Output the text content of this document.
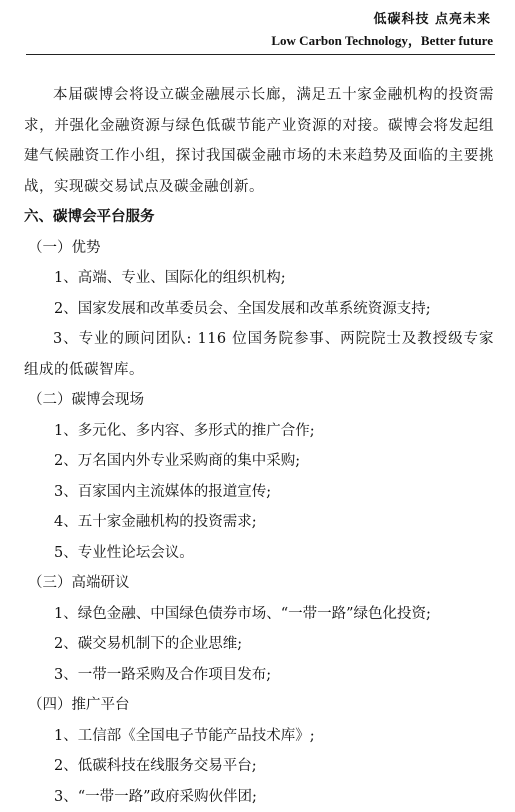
低碳科技 点亮未来
Low Carbon Technology，Better future

本届碳博会将设立碳金融展示长廊，满足五十家金融机构的投资需求，并强化金融资源与绿色低碳节能产业资源的对接。碳博会将发起组建气候融资工作小组，探讨我国碳金融市场的未来趋势及面临的主要挑战，实现碳交易试点及碳金融创新。

六、碳博会平台服务

（一）优势

1、高端、专业、国际化的组织机构;

2、国家发展和改革委员会、全国发展和改革系统资源支持;

3、专业的顾问团队: 116 位国务院参事、两院院士及教授级专家组成的低碳智库。

（二）碳博会现场

1、多元化、多内容、多形式的推广合作;

2、万名国内外专业采购商的集中采购;

3、百家国内主流媒体的报道宣传;

4、五十家金融机构的投资需求;

5、专业性论坛会议。

（三）高端研议

1、绿色金融、中国绿色债券市场、“一带一路”绿色化投资;

2、碳交易机制下的企业思维;

3、一带一路采购及合作项目发布;

（四）推广平台

1、工信部《全国电子节能产品技术库》;

2、低碳科技在线服务交易平台;

3、“一带一路”政府采购伙伴团;
